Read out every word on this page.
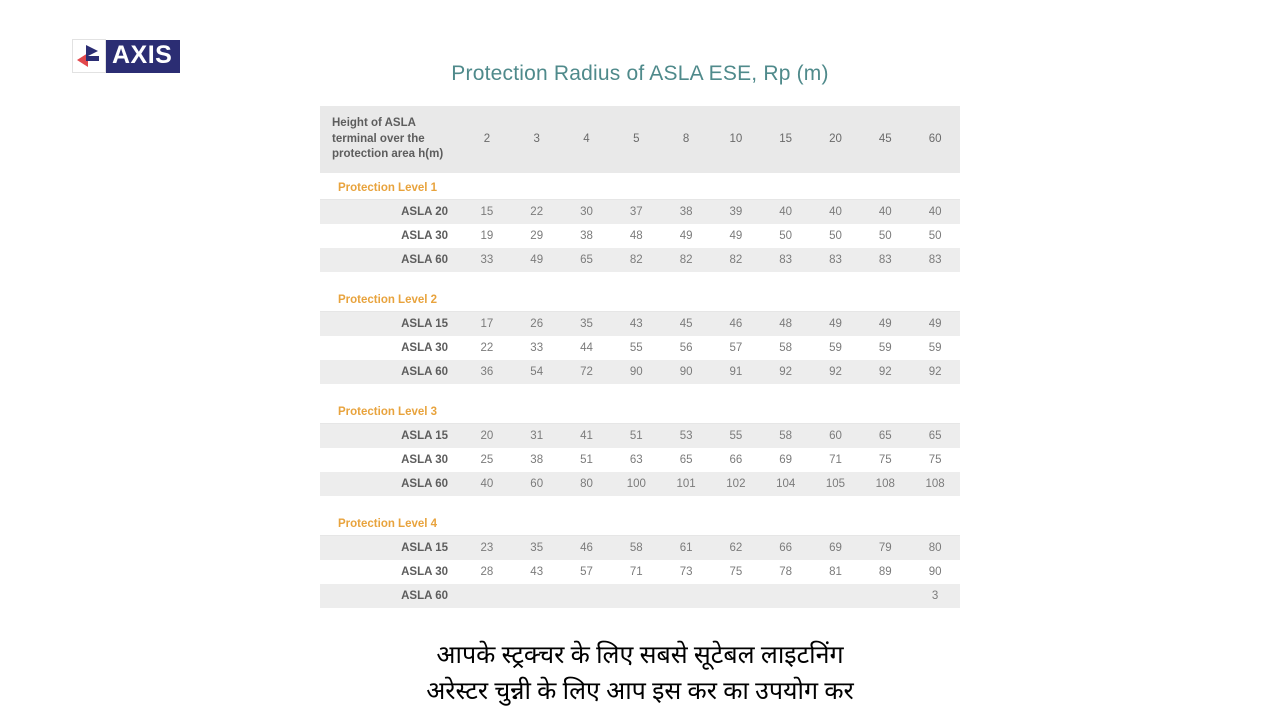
AXIS
Protection Radius of ASLA ESE, Rp (m)
Height of ASLA terminal over the protection area h(m)	2	3	4	5	8	10	15	20	45	60
Protection Level 1										
ASLA 20	15	22	30	37	38	39	40	40	40	40
ASLA 30	19	29	38	48	49	49	50	50	50	50
ASLA 60	33	49	65	82	82	82	83	83	83	83

Protection Level 2										
ASLA 15	17	26	35	43	45	46	48	49	49	49
ASLA 30	22	33	44	55	56	57	58	59	59	59
ASLA 60	36	54	72	90	90	91	92	92	92	92

Protection Level 3										
ASLA 15	20	31	41	51	53	55	58	60	65	65
ASLA 30	25	38	51	63	65	66	69	71	75	75
ASLA 60	40	60	80	100	101	102	104	105	108	108

Protection Level 4										
ASLA 15	23	35	46	58	61	62	66	69	79	80
ASLA 30	28	43	57	71	73	75	78	81	89	90
ASLA 60										3
आपके स्ट्रक्चर के लिए सबसे सूटेबल लाइटनिंग
अरेस्टर चुन्नी के लिए आप इस कर का उपयोग कर
